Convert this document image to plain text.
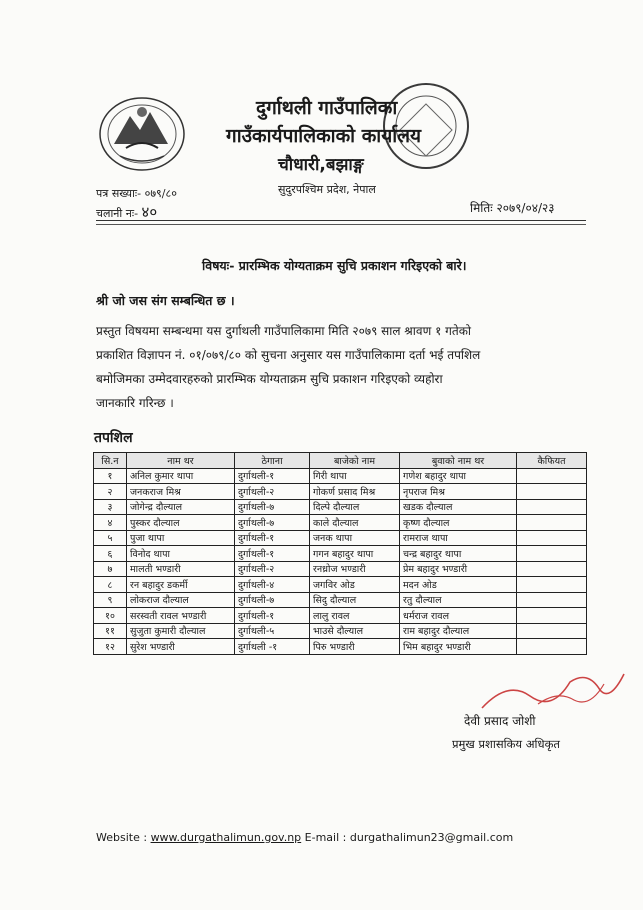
दुर्गाथली गाउँपालिका
गाउँकार्यपालिकाको कार्यालय
चौधारी,बझाङ्ग
सुदुरपश्चिम प्रदेश, नेपाल
पत्र सख्याः- ०७९/८०
चलानी नः- ४०	मितिः २०७९/०४/२३
विषयः- प्रारम्भिक योग्यताक्रम सुचि प्रकाशन गरिइएको बारे।
श्री जो जस संग सम्बन्धित छ ।
प्रस्तुत विषयमा सम्बन्धमा यस दुर्गाथली गाउँपालिकामा मिति २०७९ साल श्रावण १ गतेको
प्रकाशित विज्ञापन नं. ०१/०७९/८० को सुचना अनुसार यस गाउँपालिकामा दर्ता भई तपशिल
बमोजिमका उम्मेदवारहरुको प्रारम्भिक योग्यताक्रम सुचि प्रकाशन गरिइएको व्यहोरा
जानकारि गरिन्छ ।
तपशिल
सि.न	नाम थर	ठेगाना	बाजेको नाम	बुवाको नाम थर	कैफियत
१	अनिल कुमार थापा	दुर्गाथली-१	गिरी थापा	गणेश बहादुर थापा	
२	जनकराज मिश्र	दुर्गाथली-२	गोकर्ण प्रसाद मिश्र	नृपराज मिश्र	
३	जोगेन्द्र दौल्याल	दुर्गाथली-७	दिल्पे दौल्याल	खडक दौल्याल	
४	पुस्कर दौल्याल	दुर्गाथली-७	काले दौल्याल	कृष्ण दौल्याल	
५	पुजा थापा	दुर्गाथली-१	जनक थापा	रामराज थापा	
६	विनोद थापा	दुर्गाथली-१	गगन बहादुर थापा	चन्द्र बहादुर थापा	
७	मालती भण्डारी	दुर्गाथली-२	रनध्रोज भण्डारी	प्रेम बहादुर भण्डारी	
८	रन बहादुर डकर्मी	दुर्गाथली-४	जगविर ओड	मदन ओड	
९	लोकराज दौल्याल	दुर्गाथली-७	सिदु दौल्याल	रतु दौल्याल	
१०	सरस्वती रावल भण्डारी	दुर्गाथली-१	लालु रावल	धर्मराज रावल	
११	सुजुता कुमारी दौल्याल	दुर्गाथली-५	भाउसे दौल्याल	राम बहादुर दौल्याल	
१२	सुरेश भण्डारी	दुर्गाथली -१	पिरु भण्डारी	भिम बहादुर भण्डारी	
देवी प्रसाद जोशी
प्रमुख प्रशासकिय अधिकृत
Website : www.durgathalimun.gov.np E-mail : durgathalimun23@gmail.com
